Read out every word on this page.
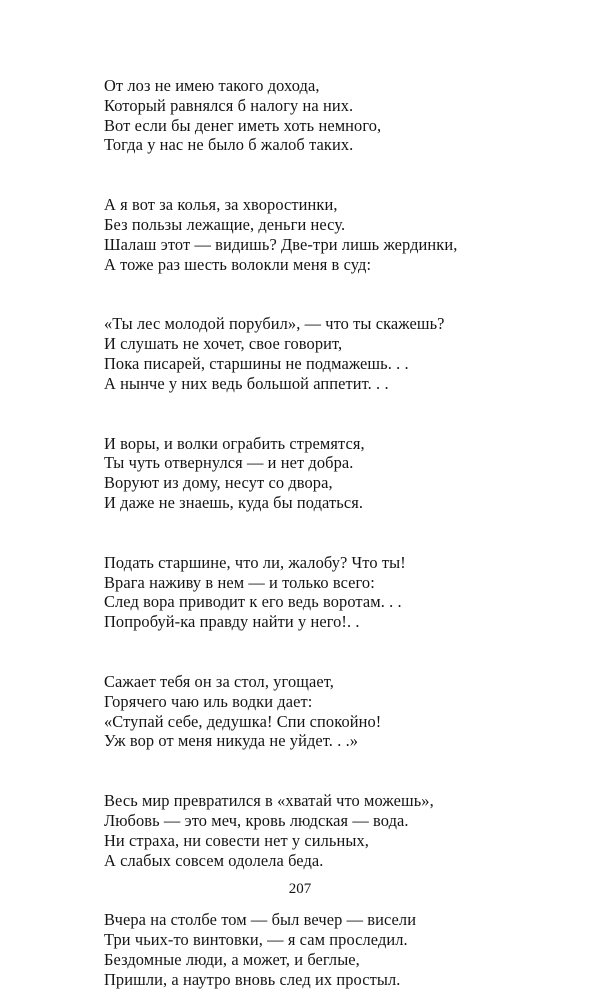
От лоз не имею такого дохода,
Который равнялся б налогу на них.
Вот если бы денег иметь хоть немного,
Тогда у нас не было б жалоб таких.
А я вот за колья, за хворостинки,
Без пользы лежащие, деньги несу.
Шалаш этот — видишь? Две-три лишь жердинки,
А тоже раз шесть волокли меня в суд:
«Ты лес молодой порубил», — что ты скажешь?
И слушать не хочет, свое говорит,
Пока писарей, старшины не подмажешь. . .
А нынче у них ведь большой аппетит. . .
И воры, и волки ограбить стремятся,
Ты чуть отвернулся — и нет добра.
Воруют из дому, несут со двора,
И даже не знаешь, куда бы податься.
Подать старшине, что ли, жалобу? Что ты!
Врага наживу в нем — и только всего:
След вора приводит к его ведь воротам. . .
Попробуй-ка правду найти у него!. .
Сажает тебя он за стол, угощает,
Горячего чаю иль водки дает:
«Ступай себе, дедушка! Спи спокойно!
Уж вор от меня никуда не уйдет. . .»
Весь мир превратился в «хватай что можешь»,
Любовь — это меч, кровь людская — вода.
Ни страха, ни совести нет у сильных,
А слабых совсем одолела беда.
Вчера на столбе том — был вечер — висели
Три чьих-то винтовки, — я сам проследил.
Бездомные люди, а может, и беглые,
Пришли, а наутро вновь след их простыл.
207
